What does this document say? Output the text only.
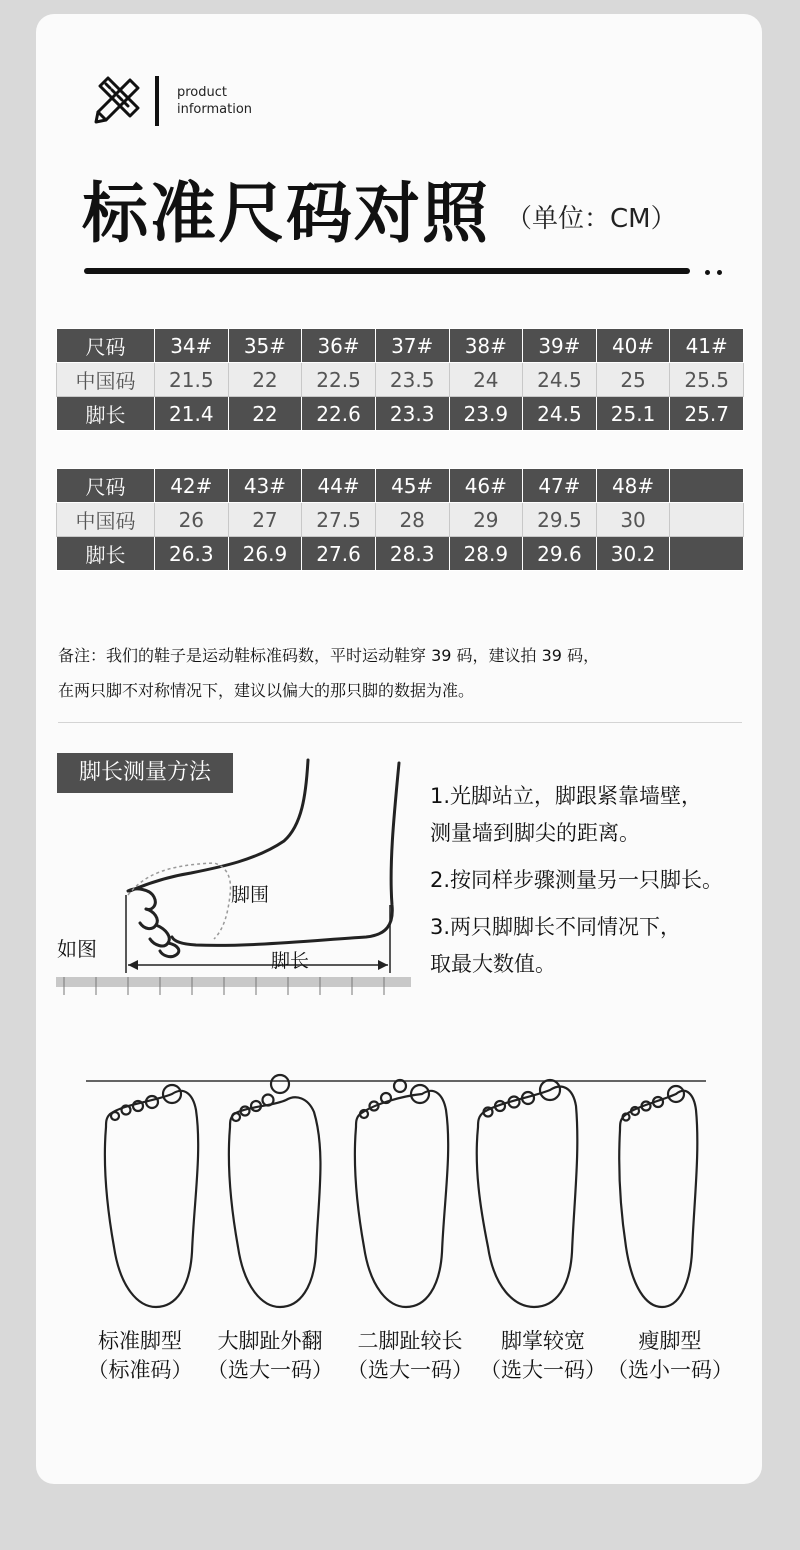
product
information
标准尺码对照 （单位：CM）
尺码	34#	35#	36#	37#	38#	39#	40#	41#
中国码	21.5	22	22.5	23.5	24	24.5	25	25.5
脚长	21.4	22	22.6	23.3	23.9	24.5	25.1	25.7
尺码	42#	43#	44#	45#	46#	47#	48#	
中国码	26	27	27.5	28	29	29.5	30	
脚长	26.3	26.9	27.6	28.3	28.9	29.6	30.2	
备注：我们的鞋子是运动鞋标准码数，平时运动鞋穿 39 码，建议拍 39 码，
在两只脚不对称情况下，建议以偏大的那只脚的数据为准。
脚围
脚长
脚长测量方法
如图
1.光脚站立，脚跟紧靠墙壁，
测量墙到脚尖的距离。
2.按同样步骤测量另一只脚长。
3.两只脚脚长不同情况下，
取最大数值。
标准脚型
（标准码）
大脚趾外翻
（选大一码）
二脚趾较长
（选大一码）
脚掌较宽
（选大一码）
瘦脚型
（选小一码）
